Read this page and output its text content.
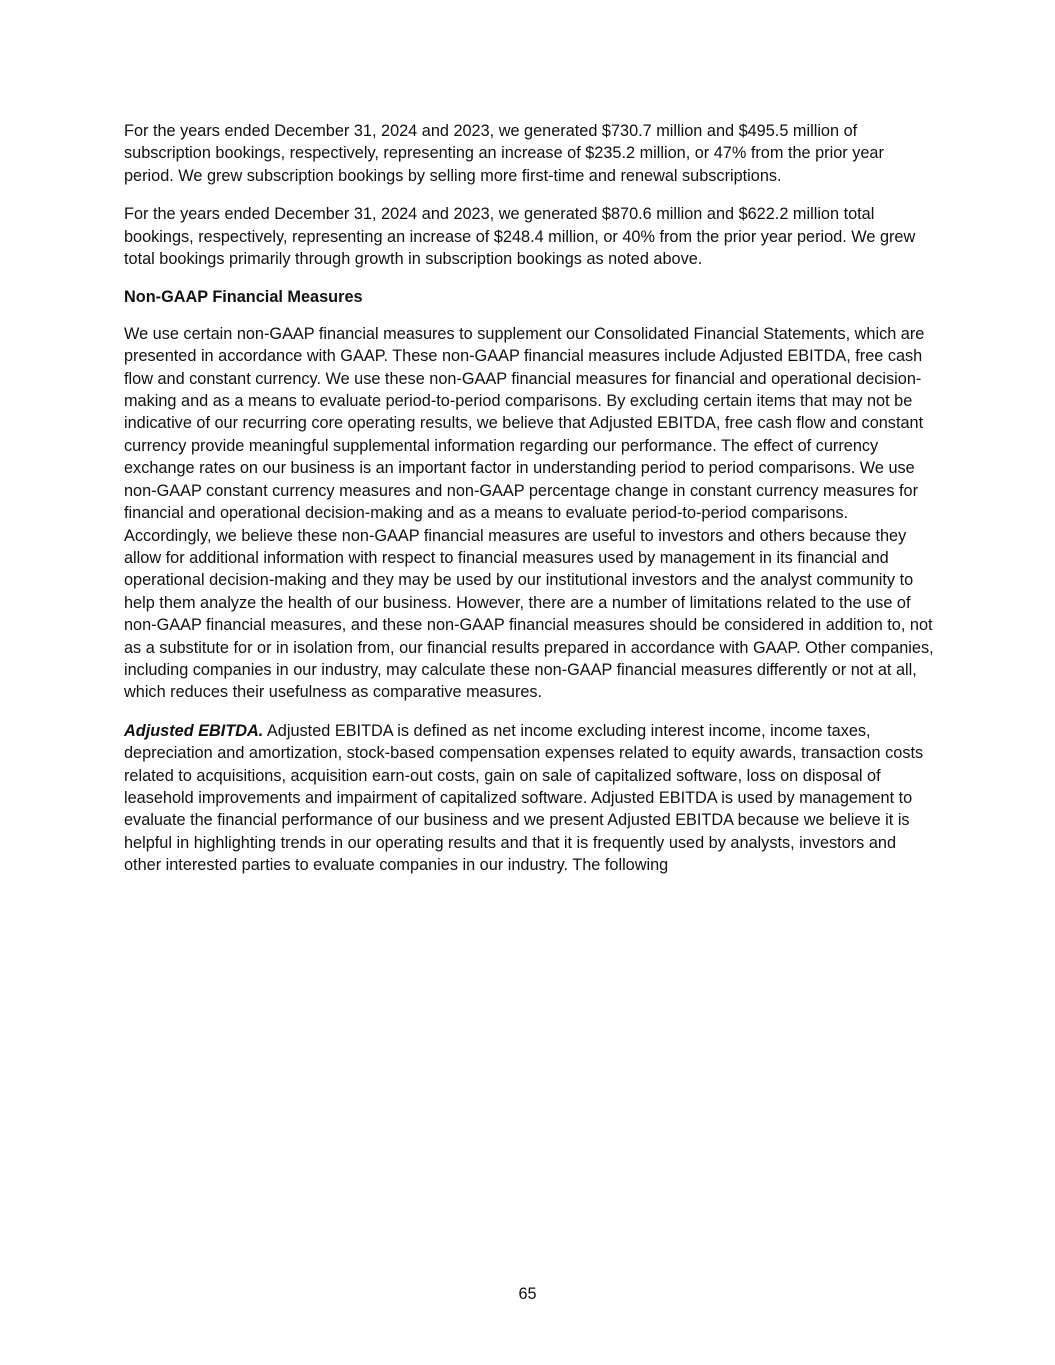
For the years ended December 31, 2024 and 2023, we generated $730.7 million and $495.5 million of subscription bookings, respectively, representing an increase of $235.2 million, or 47% from the prior year period. We grew subscription bookings by selling more first-time and renewal subscriptions.

For the years ended December 31, 2024 and 2023, we generated $870.6 million and $622.2 million total bookings, respectively, representing an increase of $248.4 million, or 40% from the prior year period. We grew total bookings primarily through growth in subscription bookings as noted above.

Non-GAAP Financial Measures

We use certain non-GAAP financial measures to supplement our Consolidated Financial Statements, which are presented in accordance with GAAP. These non-GAAP financial measures include Adjusted EBITDA, free cash flow and constant currency. We use these non-GAAP financial measures for financial and operational decision-making and as a means to evaluate period-to-period comparisons. By excluding certain items that may not be indicative of our recurring core operating results, we believe that Adjusted EBITDA, free cash flow and constant currency provide meaningful supplemental information regarding our performance. The effect of currency exchange rates on our business is an important factor in understanding period to period comparisons. We use non-GAAP constant currency measures and non-GAAP percentage change in constant currency measures for financial and operational decision-making and as a means to evaluate period-to-period comparisons. Accordingly, we believe these non-GAAP financial measures are useful to investors and others because they allow for additional information with respect to financial measures used by management in its financial and operational decision-making and they may be used by our institutional investors and the analyst community to help them analyze the health of our business. However, there are a number of limitations related to the use of non-GAAP financial measures, and these non-GAAP financial measures should be considered in addition to, not as a substitute for or in isolation from, our financial results prepared in accordance with GAAP. Other companies, including companies in our industry, may calculate these non-GAAP financial measures differently or not at all, which reduces their usefulness as comparative measures.

Adjusted EBITDA. Adjusted EBITDA is defined as net income excluding interest income, income taxes, depreciation and amortization, stock-based compensation expenses related to equity awards, transaction costs related to acquisitions, acquisition earn-out costs, gain on sale of capitalized software, loss on disposal of leasehold improvements and impairment of capitalized software. Adjusted EBITDA is used by management to evaluate the financial performance of our business and we present Adjusted EBITDA because we believe it is helpful in highlighting trends in our operating results and that it is frequently used by analysts, investors and other interested parties to evaluate companies in our industry. The following

65
